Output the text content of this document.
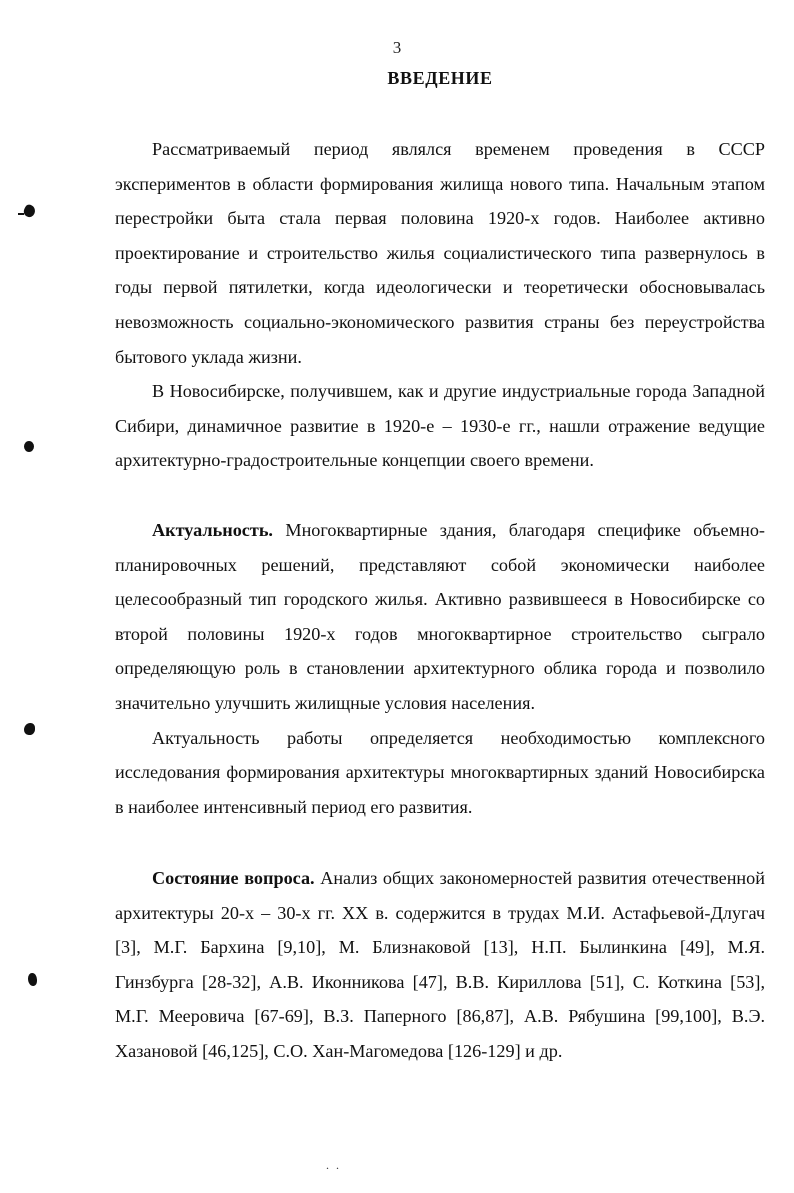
3
ВВЕДЕНИЕ

Рассматриваемый период являлся временем проведения в СССР экспериментов в области формирования жилища нового типа. Начальным этапом перестройки быта стала первая половина 1920-х годов. Наиболее активно проектирование и строительство жилья социалистического типа развернулось в годы первой пятилетки, когда идеологически и теоретически обосновывалась невозможность социально-экономического развития страны без переустройства бытового уклада жизни.

В Новосибирске, получившем, как и другие индустриальные города Западной Сибири, динамичное развитие в 1920-е – 1930-е гг., нашли отражение ведущие архитектурно-градостроительные концепции своего времени.

Актуальность. Многоквартирные здания, благодаря специфике объемно-планировочных решений, представляют собой экономически наиболее целесообразный тип городского жилья. Активно развившееся в Новосибирске со второй половины 1920-х годов многоквартирное строительство сыграло определяющую роль в становлении архитектурного облика города и позволило значительно улучшить жилищные условия населения.

Актуальность работы определяется необходимостью комплексного исследования формирования архитектуры многоквартирных зданий Новосибирска в наиболее интенсивный период его развития.

Состояние вопроса. Анализ общих закономерностей развития отечественной архитектуры 20-х – 30-х гг. XX в. содержится в трудах М.И. Астафьевой-Длугач [3], М.Г. Бархина [9,10], М. Близнаковой [13], Н.П. Былинкина [49], М.Я. Гинзбурга [28-32], А.В. Иконникова [47], В.В. Кириллова [51], С. Коткина [53], М.Г. Мееровича [67-69], В.З. Паперного [86,87], А.В. Рябушина [99,100], В.Э. Хазановой [46,125], С.О. Хан-Магомедова [126-129] и др.

. .
